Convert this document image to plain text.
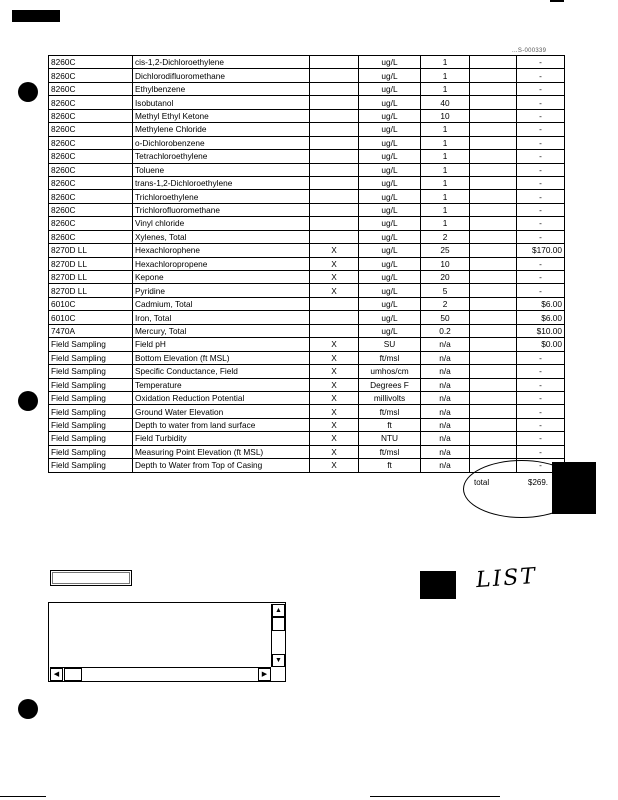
...S-000339
8260C	cis-1,2-Dichloroethylene		ug/L	1		-
8260C	Dichlorodifluoromethane		ug/L	1		-
8260C	Ethylbenzene		ug/L	1		-
8260C	Isobutanol		ug/L	40		-
8260C	Methyl Ethyl Ketone		ug/L	10		-
8260C	Methylene Chloride		ug/L	1		-
8260C	o-Dichlorobenzene		ug/L	1		-
8260C	Tetrachloroethylene		ug/L	1		-
8260C	Toluene		ug/L	1		-
8260C	trans-1,2-Dichloroethylene		ug/L	1		-
8260C	Trichloroethylene		ug/L	1		-
8260C	Trichlorofluoromethane		ug/L	1		-
8260C	Vinyl chloride		ug/L	1		-
8260C	Xylenes, Total		ug/L	2		-
8270D LL	Hexachlorophene	X	ug/L	25		$170.00
8270D LL	Hexachloropropene	X	ug/L	10		-
8270D LL	Kepone	X	ug/L	20		-
8270D LL	Pyridine	X	ug/L	5		-
6010C	Cadmium, Total		ug/L	2		$6.00
6010C	Iron, Total		ug/L	50		$6.00
7470A	Mercury, Total		ug/L	0.2		$10.00
Field Sampling	Field pH	X	SU	n/a		$0.00
Field Sampling	Bottom Elevation (ft MSL)	X	ft/msl	n/a		-
Field Sampling	Specific Conductance, Field	X	umhos/cm	n/a		-
Field Sampling	Temperature	X	Degrees F	n/a		-
Field Sampling	Oxidation Reduction Potential	X	millivolts	n/a		-
Field Sampling	Ground Water Elevation	X	ft/msl	n/a		-
Field Sampling	Depth to water from land surface	X	ft	n/a		-
Field Sampling	Field Turbidity	X	NTU	n/a		-
Field Sampling	Measuring Point Elevation (ft MSL)	X	ft/msl	n/a		-
Field Sampling	Depth to Water from Top of Casing	X	ft	n/a		-
total	$269.
LIST
▲
▼
◀	▶
